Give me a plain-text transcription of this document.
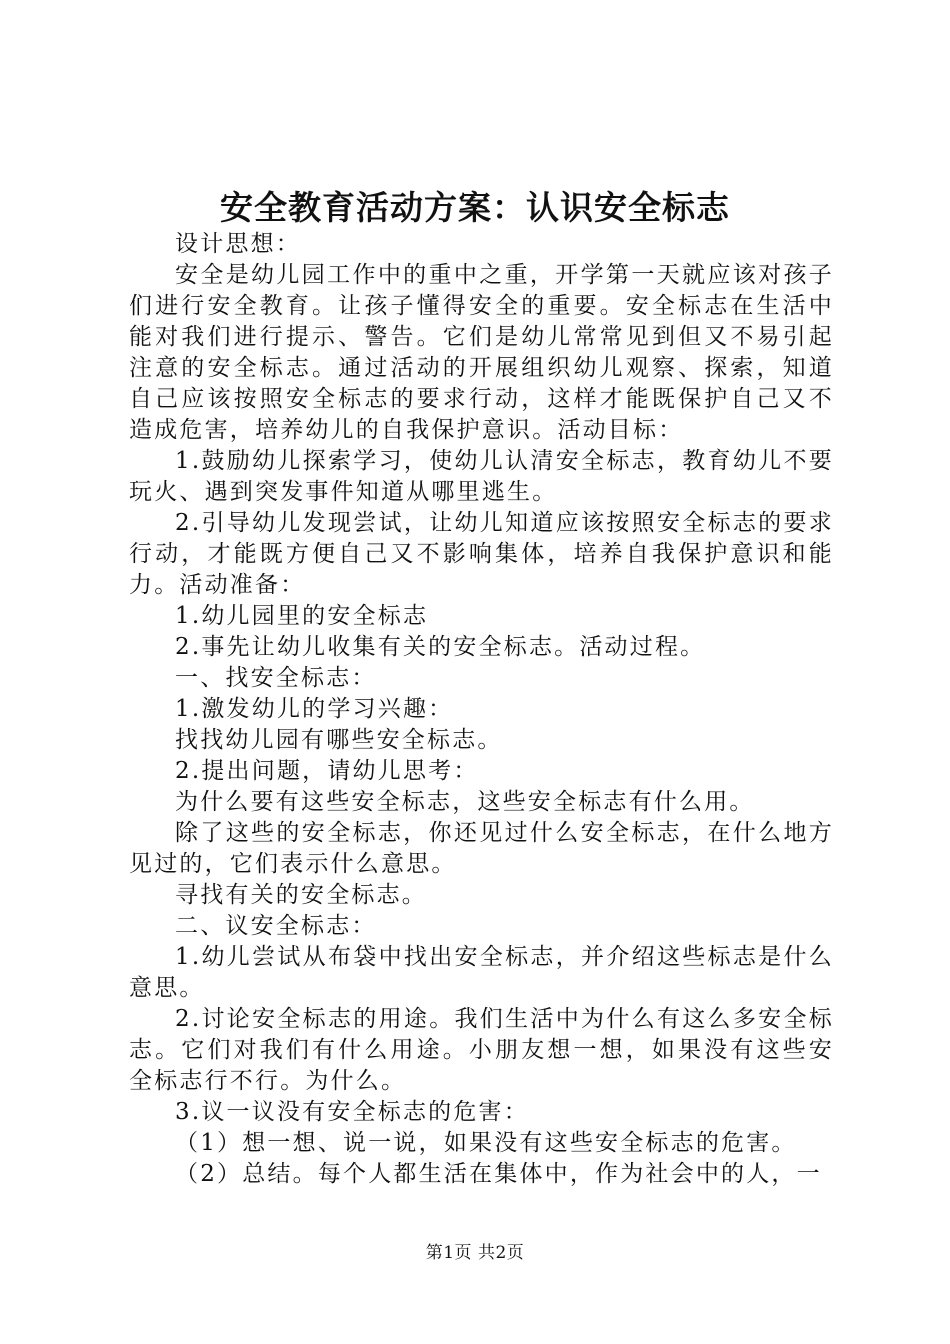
安全教育活动方案：认识安全标志

设计思想：

安全是幼儿园工作中的重中之重，开学第一天就应该对孩子们进行安全教育。让孩子懂得安全的重要。安全标志在生活中能对我们进行提示、警告。它们是幼儿常常见到但又不易引起注意的安全标志。通过活动的开展组织幼儿观察、探索，知道自己应该按照安全标志的要求行动，这样才能既保护自己又不造成危害，培养幼儿的自我保护意识。活动目标：

1.鼓励幼儿探索学习，使幼儿认清安全标志，教育幼儿不要玩火、遇到突发事件知道从哪里逃生。

2.引导幼儿发现尝试，让幼儿知道应该按照安全标志的要求行动，才能既方便自己又不影响集体，培养自我保护意识和能力。活动准备：

1.幼儿园里的安全标志

2.事先让幼儿收集有关的安全标志。活动过程。

一、找安全标志：

1.激发幼儿的学习兴趣：

找找幼儿园有哪些安全标志。

2.提出问题，请幼儿思考：

为什么要有这些安全标志，这些安全标志有什么用。

除了这些的安全标志，你还见过什么安全标志，在什么地方见过的，它们表示什么意思。

寻找有关的安全标志。

二、议安全标志：

1.幼儿尝试从布袋中找出安全标志，并介绍这些标志是什么意思。

2.讨论安全标志的用途。我们生活中为什么有这么多安全标志。它们对我们有什么用途。小朋友想一想，如果没有这些安全标志行不行。为什么。

3.议一议没有安全标志的危害：

（1）想一想、说一说，如果没有这些安全标志的危害。

（2）总结。每个人都生活在集体中，作为社会中的人，一

第1页 共2页
